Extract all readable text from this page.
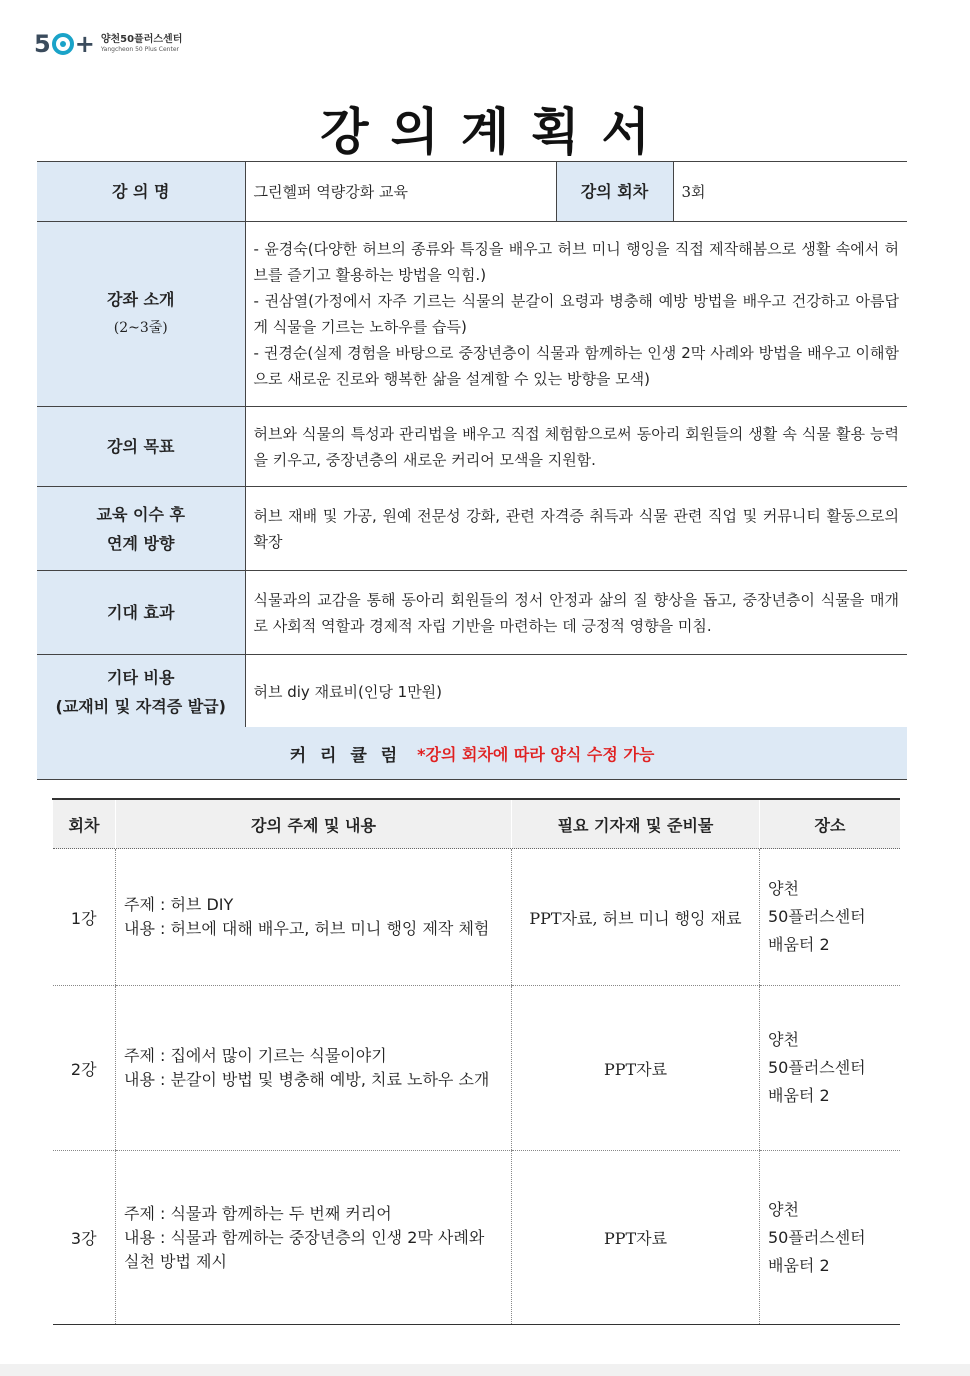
5 + 양천50플러스센터
Yangcheon 50 Plus Center
강의계획서
강 의 명	그린헬퍼 역량강화 교육	강의 회차	3회

강좌 소개
(2~3줄)	- 윤경숙(다양한 허브의 종류와 특징을 배우고 허브 미니 행잉을 직접 제작해봄으로 생활 속에서 허브를 즐기고 활용하는 방법을 익힘.)
- 권삼열(가정에서 자주 기르는 식물의 분갈이 요령과 병충해 예방 방법을 배우고 건강하고 아름답게 식물을 기르는 노하우를 습득)
- 권경순(실제 경험을 바탕으로 중장년층이 식물과 함께하는 인생 2막 사례와 방법을 배우고 이해함으로 새로운 진로와 행복한 삶을 설계할 수 있는 방향을 모색)		

강의 목표	허브와 식물의 특성과 관리법을 배우고 직접 체험함으로써 동아리 회원들의 생활 속 식물 활용 능력을 키우고, 중장년층의 새로운 커리어 모색을 지원함.		

교육 이수 후
연계 방향	허브 재배 및 가공, 원예 전문성 강화, 관련 자격증 취득과 식물 관련 직업 및 커뮤니티 활동으로의 확장		
기대 효과	식물과의 교감을 통해 동아리 회원들의 정서 안정과 삶의 질 향상을 돕고, 중장년층이 식물을 매개로 사회적 역할과 경제적 자립 기반을 마련하는 데 긍정적 영향을 미침.		

기타 비용
(교재비 및 자격증 발급)	허브 diy 재료비(인당 1만원)		
커 리 큘 럼 *강의 회차에 따라 양식 수정 가능
회차	강의 주제 및 내용	필요 기자재 및 준비물	장소
1강	주제 : 허브 DIY
내용 : 허브에 대해 배우고, 허브 미니 행잉 제작 체험	PPT자료, 허브 미니 행잉 재료	양천
50플러스센터
배움터 2

2강	주제 : 집에서 많이 기르는 식물이야기
내용 : 분갈이 방법 및 병충해 예방, 치료 노하우 소개	PPT자료	양천
50플러스센터
배움터 2

3강	주제 : 식물과 함께하는 두 번째 커리어
내용 : 식물과 함께하는 중장년층의 인생 2막 사례와
실천 방법 제시	PPT자료	양천
50플러스센터
배움터 2
